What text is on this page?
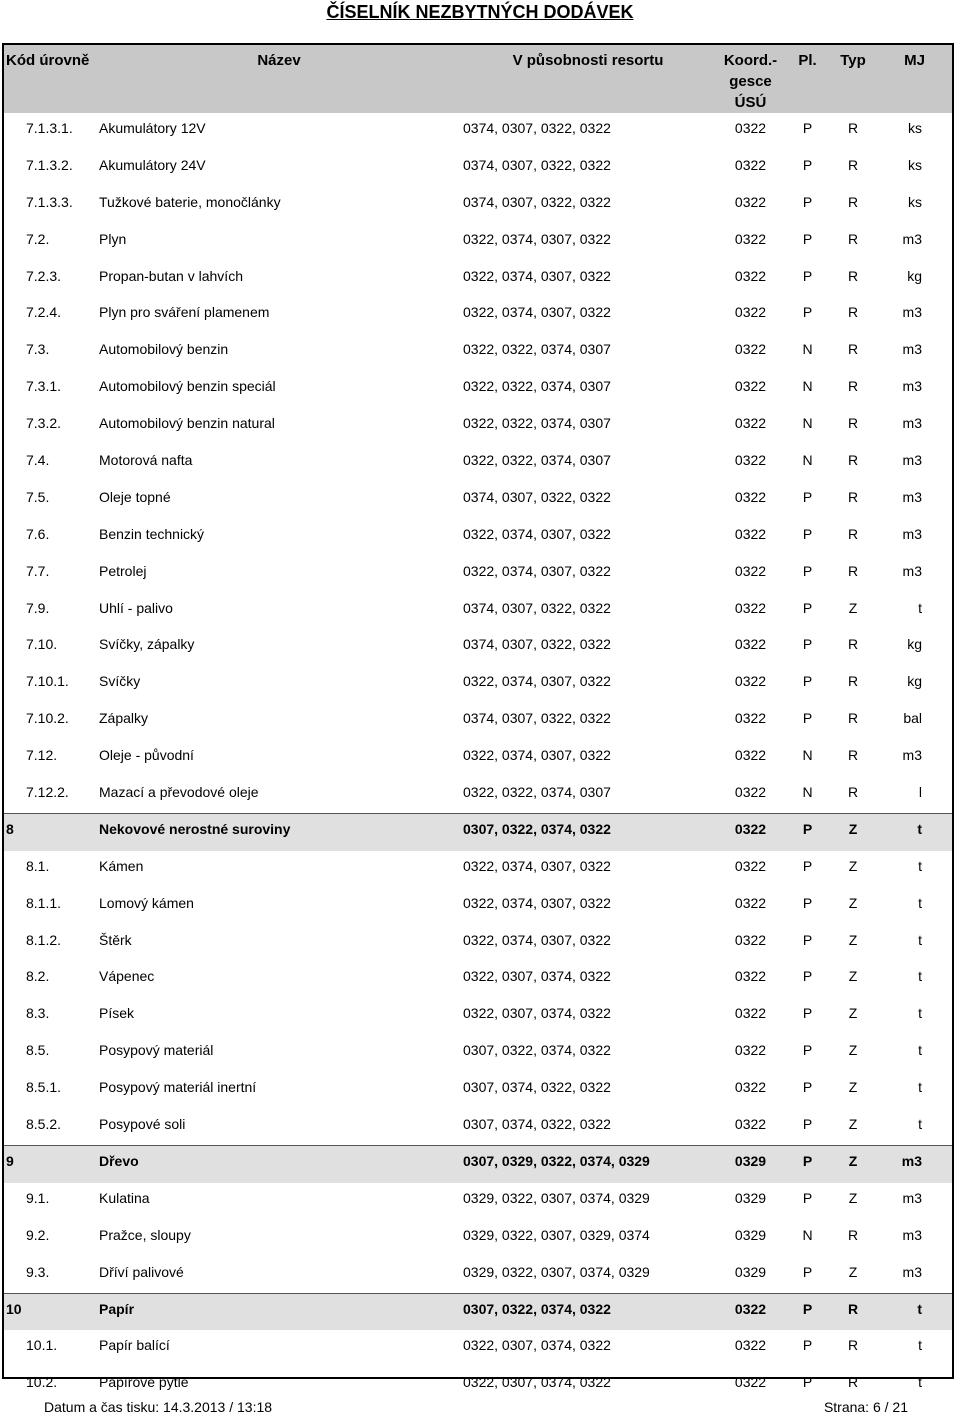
ČÍSELNÍK NEZBYTNÝCH DODÁVEK
Kód úrovně	Název	V působnosti resortu	Koord.-gesce ÚSÚ	Pl.	Typ	MJ
7.1.3.1.	Akumulátory 12V	0374, 0307, 0322, 0322	0322	P	R	ks
7.1.3.2.	Akumulátory 24V	0374, 0307, 0322, 0322	0322	P	R	ks
7.1.3.3.	Tužkové baterie, monočlánky	0374, 0307, 0322, 0322	0322	P	R	ks
7.2.	Plyn	0322, 0374, 0307, 0322	0322	P	R	m3
7.2.3.	Propan-butan v lahvích	0322, 0374, 0307, 0322	0322	P	R	kg
7.2.4.	Plyn pro sváření plamenem	0322, 0374, 0307, 0322	0322	P	R	m3
7.3.	Automobilový benzin	0322, 0322, 0374, 0307	0322	N	R	m3
7.3.1.	Automobilový benzin speciál	0322, 0322, 0374, 0307	0322	N	R	m3
7.3.2.	Automobilový benzin natural	0322, 0322, 0374, 0307	0322	N	R	m3
7.4.	Motorová nafta	0322, 0322, 0374, 0307	0322	N	R	m3
7.5.	Oleje topné	0374, 0307, 0322, 0322	0322	P	R	m3
7.6.	Benzin technický	0322, 0374, 0307, 0322	0322	P	R	m3
7.7.	Petrolej	0322, 0374, 0307, 0322	0322	P	R	m3
7.9.	Uhlí - palivo	0374, 0307, 0322, 0322	0322	P	Z	t
7.10.	Svíčky, zápalky	0374, 0307, 0322, 0322	0322	P	R	kg
7.10.1.	Svíčky	0322, 0374, 0307, 0322	0322	P	R	kg
7.10.2.	Zápalky	0374, 0307, 0322, 0322	0322	P	R	bal
7.12.	Oleje - původní	0322, 0374, 0307, 0322	0322	N	R	m3
7.12.2.	Mazací a převodové oleje	0322, 0322, 0374, 0307	0322	N	R	l
8	Nekovové nerostné suroviny	0307, 0322, 0374, 0322	0322	P	Z	t
8.1.	Kámen	0322, 0374, 0307, 0322	0322	P	Z	t
8.1.1.	Lomový kámen	0322, 0374, 0307, 0322	0322	P	Z	t
8.1.2.	Štěrk	0322, 0374, 0307, 0322	0322	P	Z	t
8.2.	Vápenec	0322, 0307, 0374, 0322	0322	P	Z	t
8.3.	Písek	0322, 0307, 0374, 0322	0322	P	Z	t
8.5.	Posypový materiál	0307, 0322, 0374, 0322	0322	P	Z	t
8.5.1.	Posypový materiál inertní	0307, 0374, 0322, 0322	0322	P	Z	t
8.5.2.	Posypové soli	0307, 0374, 0322, 0322	0322	P	Z	t
9	Dřevo	0307, 0329, 0322, 0374, 0329	0329	P	Z	m3
9.1.	Kulatina	0329, 0322, 0307, 0374, 0329	0329	P	Z	m3
9.2.	Pražce, sloupy	0329, 0322, 0307, 0329, 0374	0329	N	R	m3
9.3.	Dříví palivové	0329, 0322, 0307, 0374, 0329	0329	P	Z	m3
10	Papír	0307, 0322, 0374, 0322	0322	P	R	t
10.1.	Papír balící	0322, 0307, 0374, 0322	0322	P	R	t
10.2.	Papírové pytle	0322, 0307, 0374, 0322	0322	P	R	t
Datum a čas tisku: 14.3.2013 / 13:18	Strana: 6 / 21
